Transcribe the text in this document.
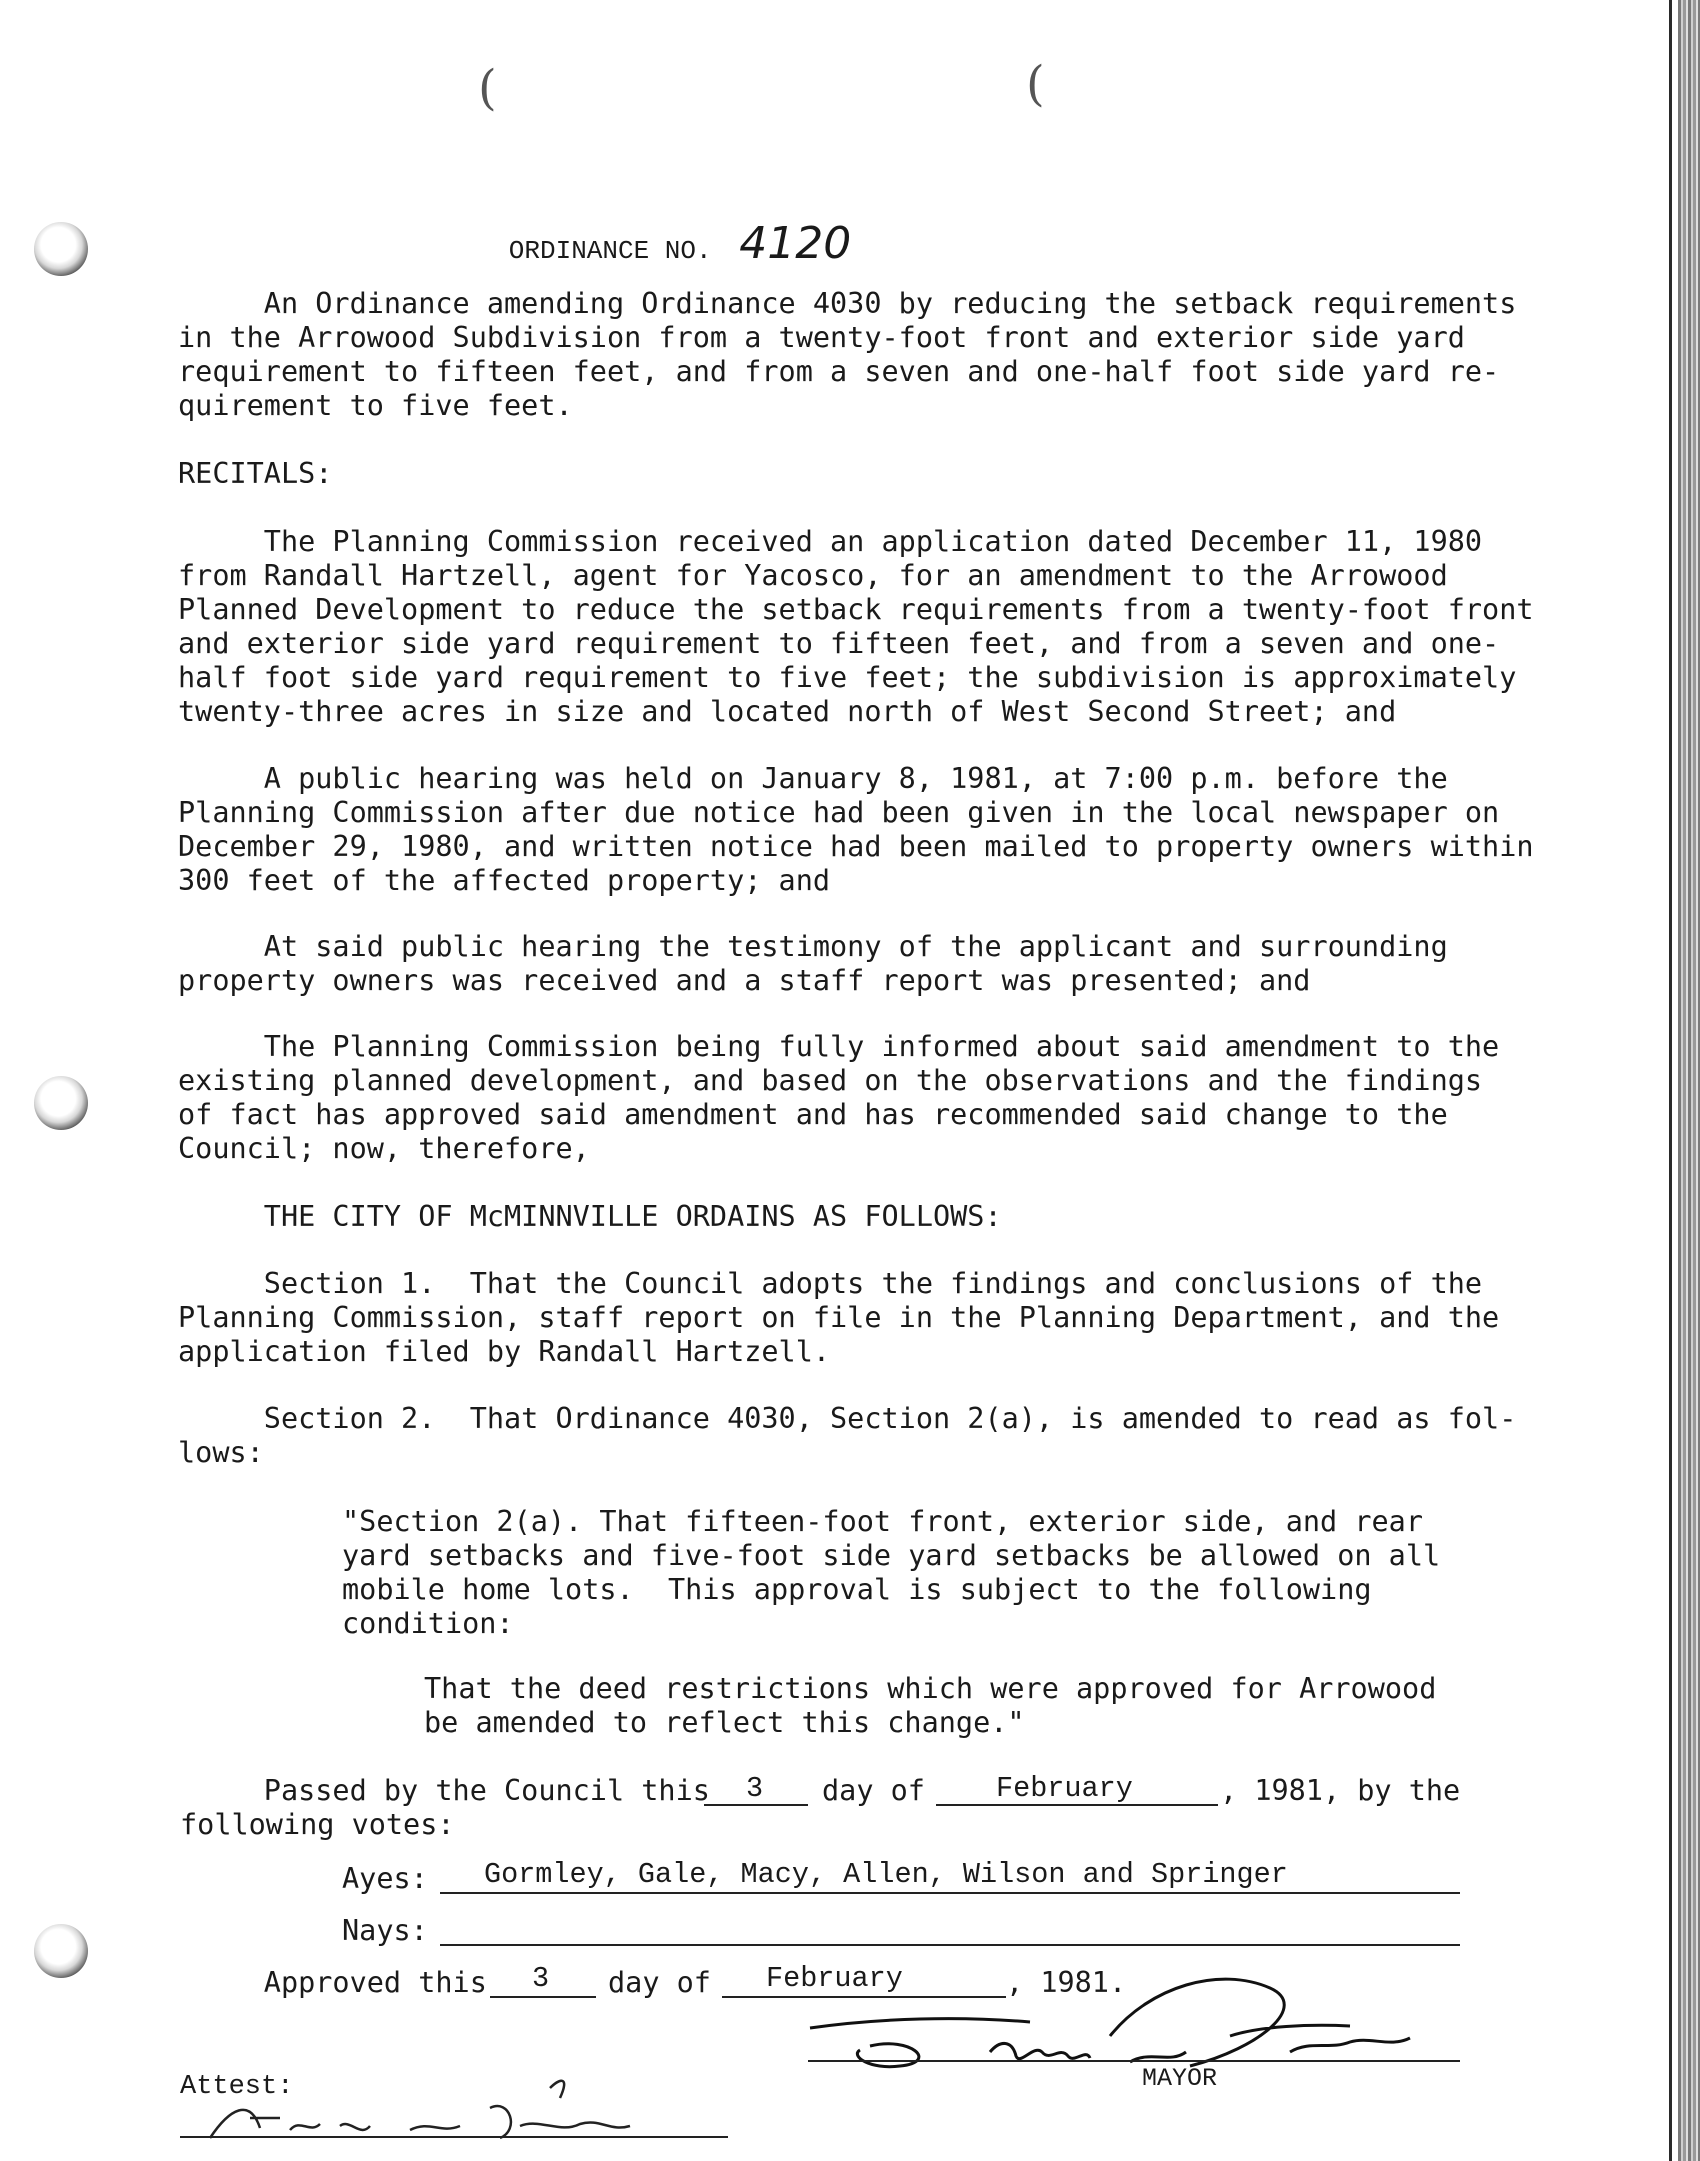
(	(
ORDINANCE NO. 4120
An Ordinance amending Ordinance 4030 by reducing the setback requirements
in the Arrowood Subdivision from a twenty-foot front and exterior side yard
requirement to fifteen feet, and from a seven and one-half foot side yard re-
quirement to five feet.
RECITALS:
The Planning Commission received an application dated December 11, 1980
from Randall Hartzell, agent for Yacosco, for an amendment to the Arrowood
Planned Development to reduce the setback requirements from a twenty-foot front
and exterior side yard requirement to fifteen feet, and from a seven and one-
half foot side yard requirement to five feet; the subdivision is approximately
twenty-three acres in size and located north of West Second Street; and
A public hearing was held on January 8, 1981, at 7:00 p.m. before the
Planning Commission after due notice had been given in the local newspaper on
December 29, 1980, and written notice had been mailed to property owners within
300 feet of the affected property; and
At said public hearing the testimony of the applicant and surrounding
property owners was received and a staff report was presented; and
The Planning Commission being fully informed about said amendment to the
existing planned development, and based on the observations and the findings
of fact has approved said amendment and has recommended said change to the
Council; now, therefore,
THE CITY OF McMINNVILLE ORDAINS AS FOLLOWS:
Section 1.  That the Council adopts the findings and conclusions of the
Planning Commission, staff report on file in the Planning Department, and the
application filed by Randall Hartzell.
Section 2.  That Ordinance 4030, Section 2(a), is amended to read as fol-
lows:
"Section 2(a). That fifteen-foot front, exterior side, and rear
yard setbacks and five-foot side yard setbacks be allowed on all
mobile home lots.  This approval is subject to the following
condition:
That the deed restrictions which were approved for Arrowood
be amended to reflect this change."
Passed by the Council this 3 day of February	, 1981, by the
following votes:
Ayes: Gormley, Gale, Macy, Allen, Wilson and Springer
Nays:
Approved this 3 day of February	, 1981.
MAYOR
Attest:
